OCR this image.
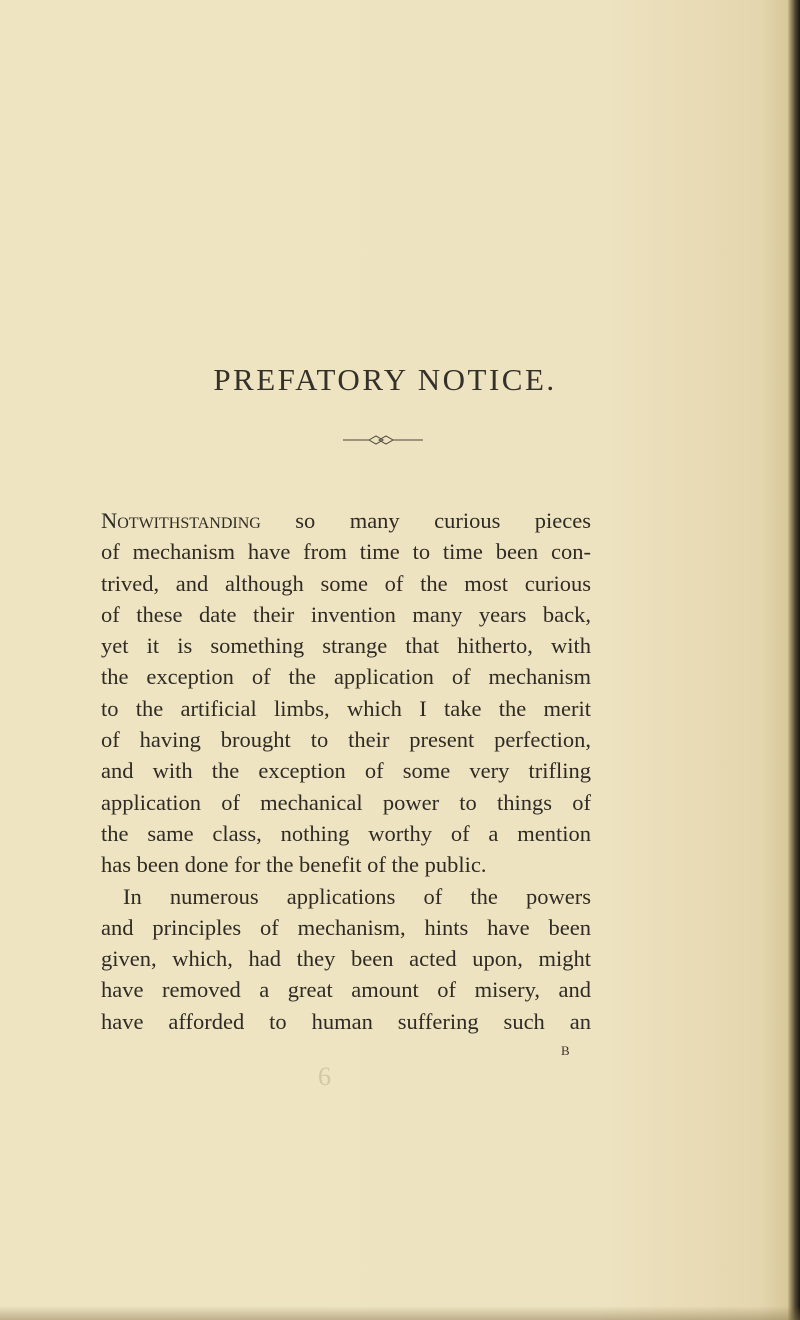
PREFATORY NOTICE.
Notwithstanding so many curious pieces
of mechanism have from time to time been con-
trived, and although some of the most curious
of these date their invention many years back,
yet it is something strange that hitherto, with
the exception of the application of mechanism
to the artificial limbs, which I take the merit
of having brought to their present perfection,
and with the exception of some very trifling
application of mechanical power to things of
the same class, nothing worthy of a mention
has been done for the benefit of the public.
In numerous applications of the powers
and principles of mechanism, hints have been
given, which, had they been acted upon, might
have removed a great amount of misery, and
have afforded to human suffering such an
B
6
